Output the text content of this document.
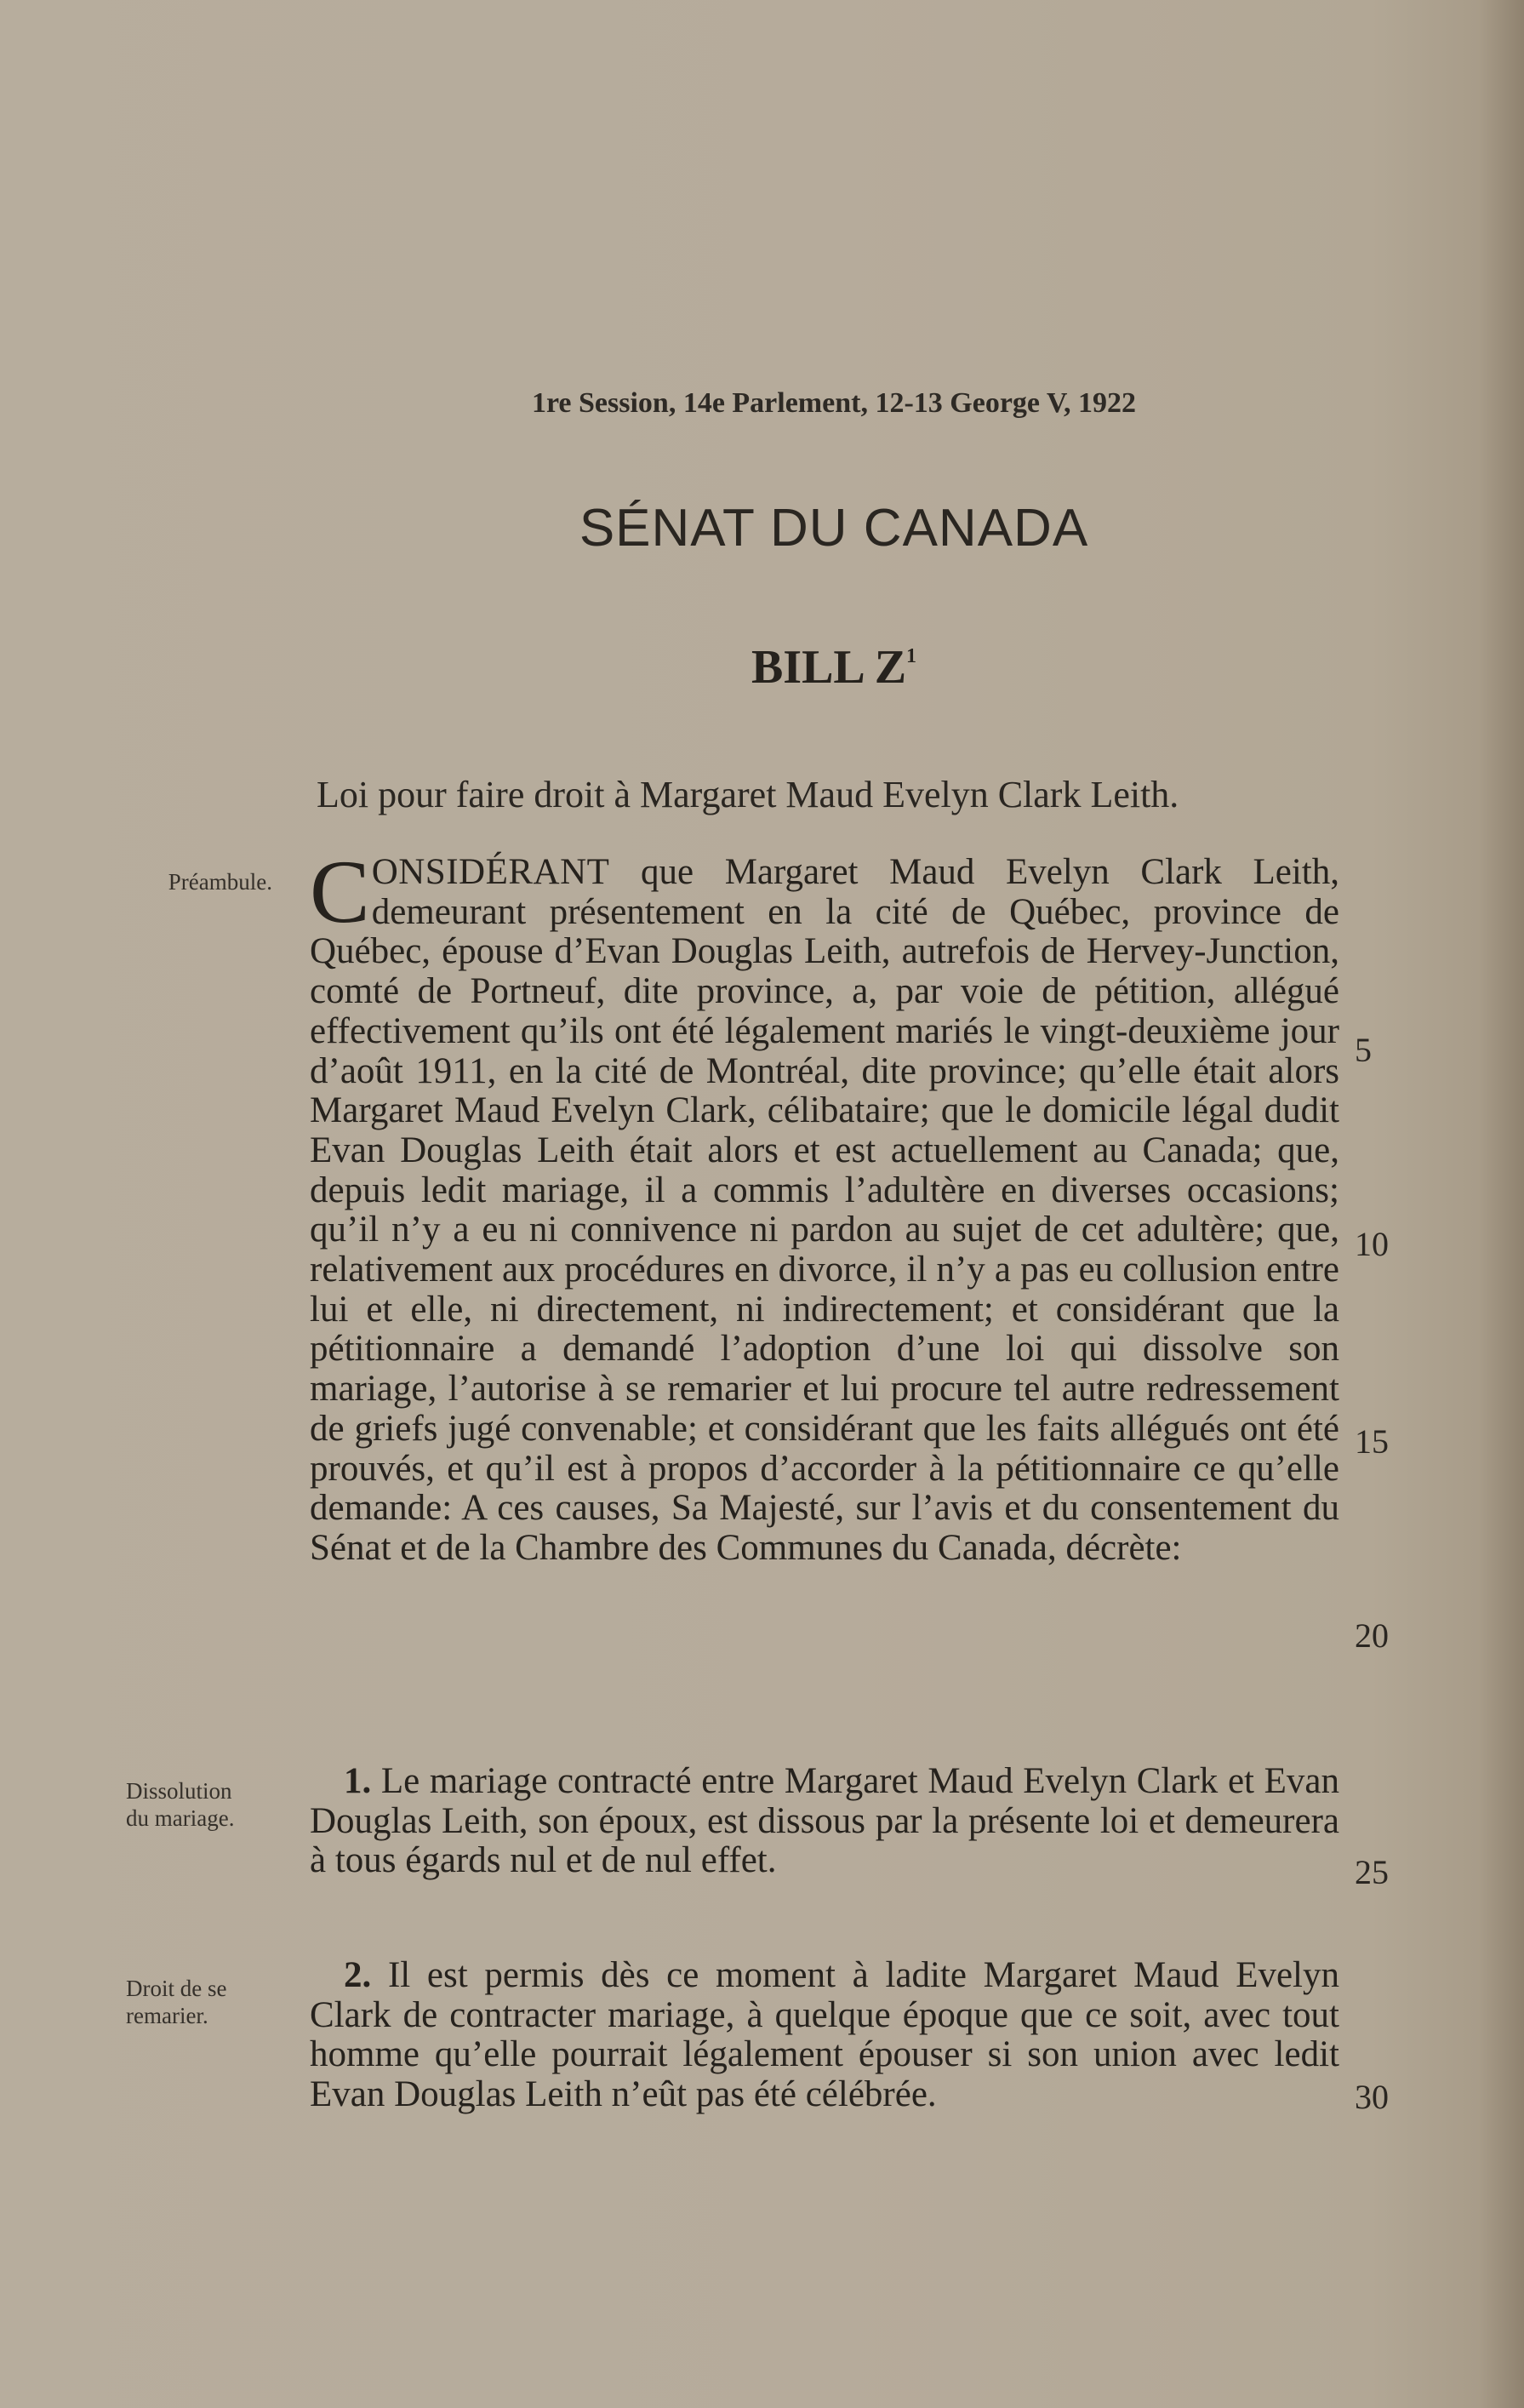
1re Session, 14e Parlement, 12-13 George V, 1922
SÉNAT DU CANADA
BILL $Z^1$
Loi pour faire droit à Margaret Maud Evelyn Clark Leith.
Préambule. CONSIDÉRANT que Margaret Maud Evelyn Clark Leith, demeurant présentement en la cité de Québec, province de Québec, épouse d’Evan Douglas Leith, autrefois de Hervey-Junction, comté de Portneuf, dite province, a, par voie de pétition, allégué effectivement qu’ils ont été légalement mariés le vingt-deuxième jour d’août 1911, en la cité de Montréal, dite province; qu’elle était alors Margaret Maud Evelyn Clark, célibataire; que le domicile légal dudit Evan Douglas Leith était alors et est actuellement au Canada; que, depuis ledit mariage, il a commis l’adultère en diverses occasions; qu’il n’y a eu ni connivence ni pardon au sujet de cet adultère; que, relativement aux procédures en divorce, il n’y a pas eu collusion entre lui et elle, ni directement, ni indirectement; et considérant que la pétitionnaire a demandé l’adoption d’une loi qui dissolve son mariage, l’autorise à se remarier et lui procure tel autre redressement de griefs jugé convenable; et considérant que les faits allégués ont été prouvés, et qu’il est à propos d’accorder à la pétitionnaire ce qu’elle demande: A ces causes, Sa Majesté, sur l’avis et du consentement du Sénat et de la Chambre des Communes du Canada, décrète:
Dissolution
du mariage.
1. Le mariage contracté entre Margaret Maud Evelyn Clark et Evan Douglas Leith, son époux, est dissous par la présente loi et demeurera à tous égards nul et de nul effet.
Droit de se
remarier.
2. Il est permis dès ce moment à ladite Margaret Maud Evelyn Clark de contracter mariage, à quelque époque que ce soit, avec tout homme qu’elle pourrait légalement épouser si son union avec ledit Evan Douglas Leith n’eût pas été célébrée.
5
10
15
20
25
30
